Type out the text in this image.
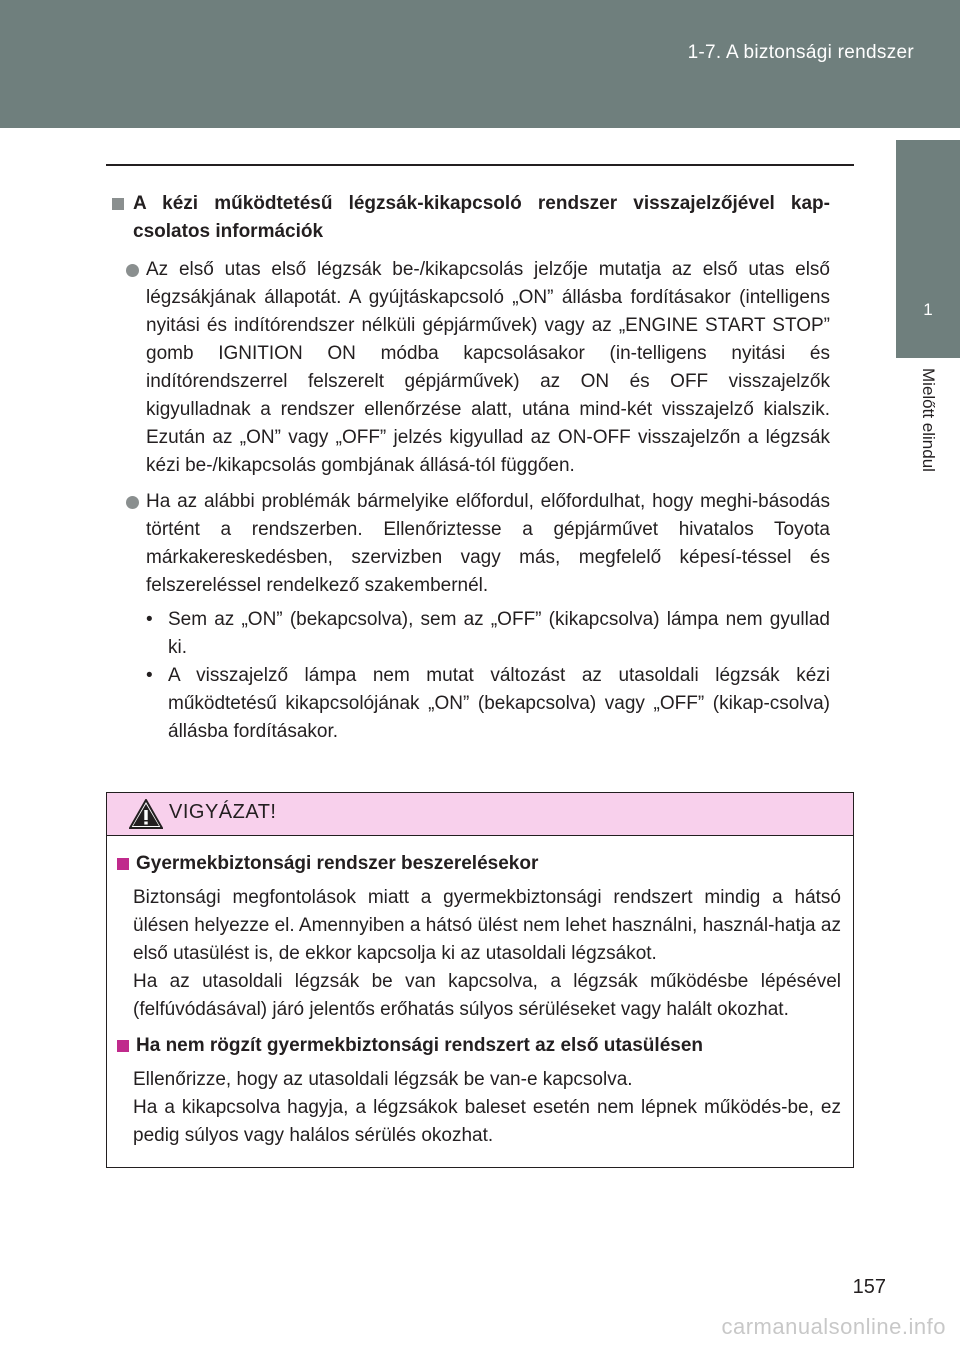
1-7. A biztonsági rendszer
1
Mielőtt elindul
A kézi működtetésű légzsák-kikapcsoló rendszer visszajelzőjével kap-csolatos információk
Az első utas első légzsák be-/kikapcsolás jelzője mutatja az első utas első légzsákjának állapotát. A gyújtáskapcsoló „ON” állásba fordításakor (intelligens nyitási és indítórendszer nélküli gépjárművek) vagy az „ENGINE START STOP” gomb IGNITION ON módba kapcsolásakor (in-telligens nyitási és indítórendszerrel felszerelt gépjárművek) az ON és OFF visszajelzők kigyulladnak a rendszer ellenőrzése alatt, utána mind-két visszajelző kialszik. Ezután az „ON” vagy „OFF” jelzés kigyullad az ON-OFF visszajelzőn a légzsák kézi be-/kikapcsolás gombjának állásá-tól függően.
Ha az alábbi problémák bármelyike előfordul, előfordulhat, hogy meghi-básodás történt a rendszerben. Ellenőriztesse a gépjárművet hivatalos Toyota márkakereskedésben, szervizben vagy más, megfelelő képesí-téssel és felszereléssel rendelkező szakembernél.
• Sem az „ON” (bekapcsolva), sem az „OFF” (kikapcsolva) lámpa nem gyullad ki.
• A visszajelző lámpa nem mutat változást az utasoldali légzsák kézi működtetésű kikapcsolójának „ON” (bekapcsolva) vagy „OFF” (kikap-csolva) állásba fordításakor.
VIGYÁZAT!
Gyermekbiztonsági rendszer beszerelésekor
Biztonsági megfontolások miatt a gyermekbiztonsági rendszert mindig a hátsó ülésen helyezze el. Amennyiben a hátsó ülést nem lehet használni, használ-hatja az első utasülést is, de ekkor kapcsolja ki az utasoldali légzsákot.
Ha az utasoldali légzsák be van kapcsolva, a légzsák működésbe lépésével (felfúvódásával) járó jelentős erőhatás súlyos sérüléseket vagy halált okozhat.
Ha nem rögzít gyermekbiztonsági rendszert az első utasülésen
Ellenőrizze, hogy az utasoldali légzsák be van-e kapcsolva.
Ha a kikapcsolva hagyja, a légzsákok baleset esetén nem lépnek működés-be, ez pedig súlyos vagy halálos sérülés okozhat.
157
carmanualsonline.info
